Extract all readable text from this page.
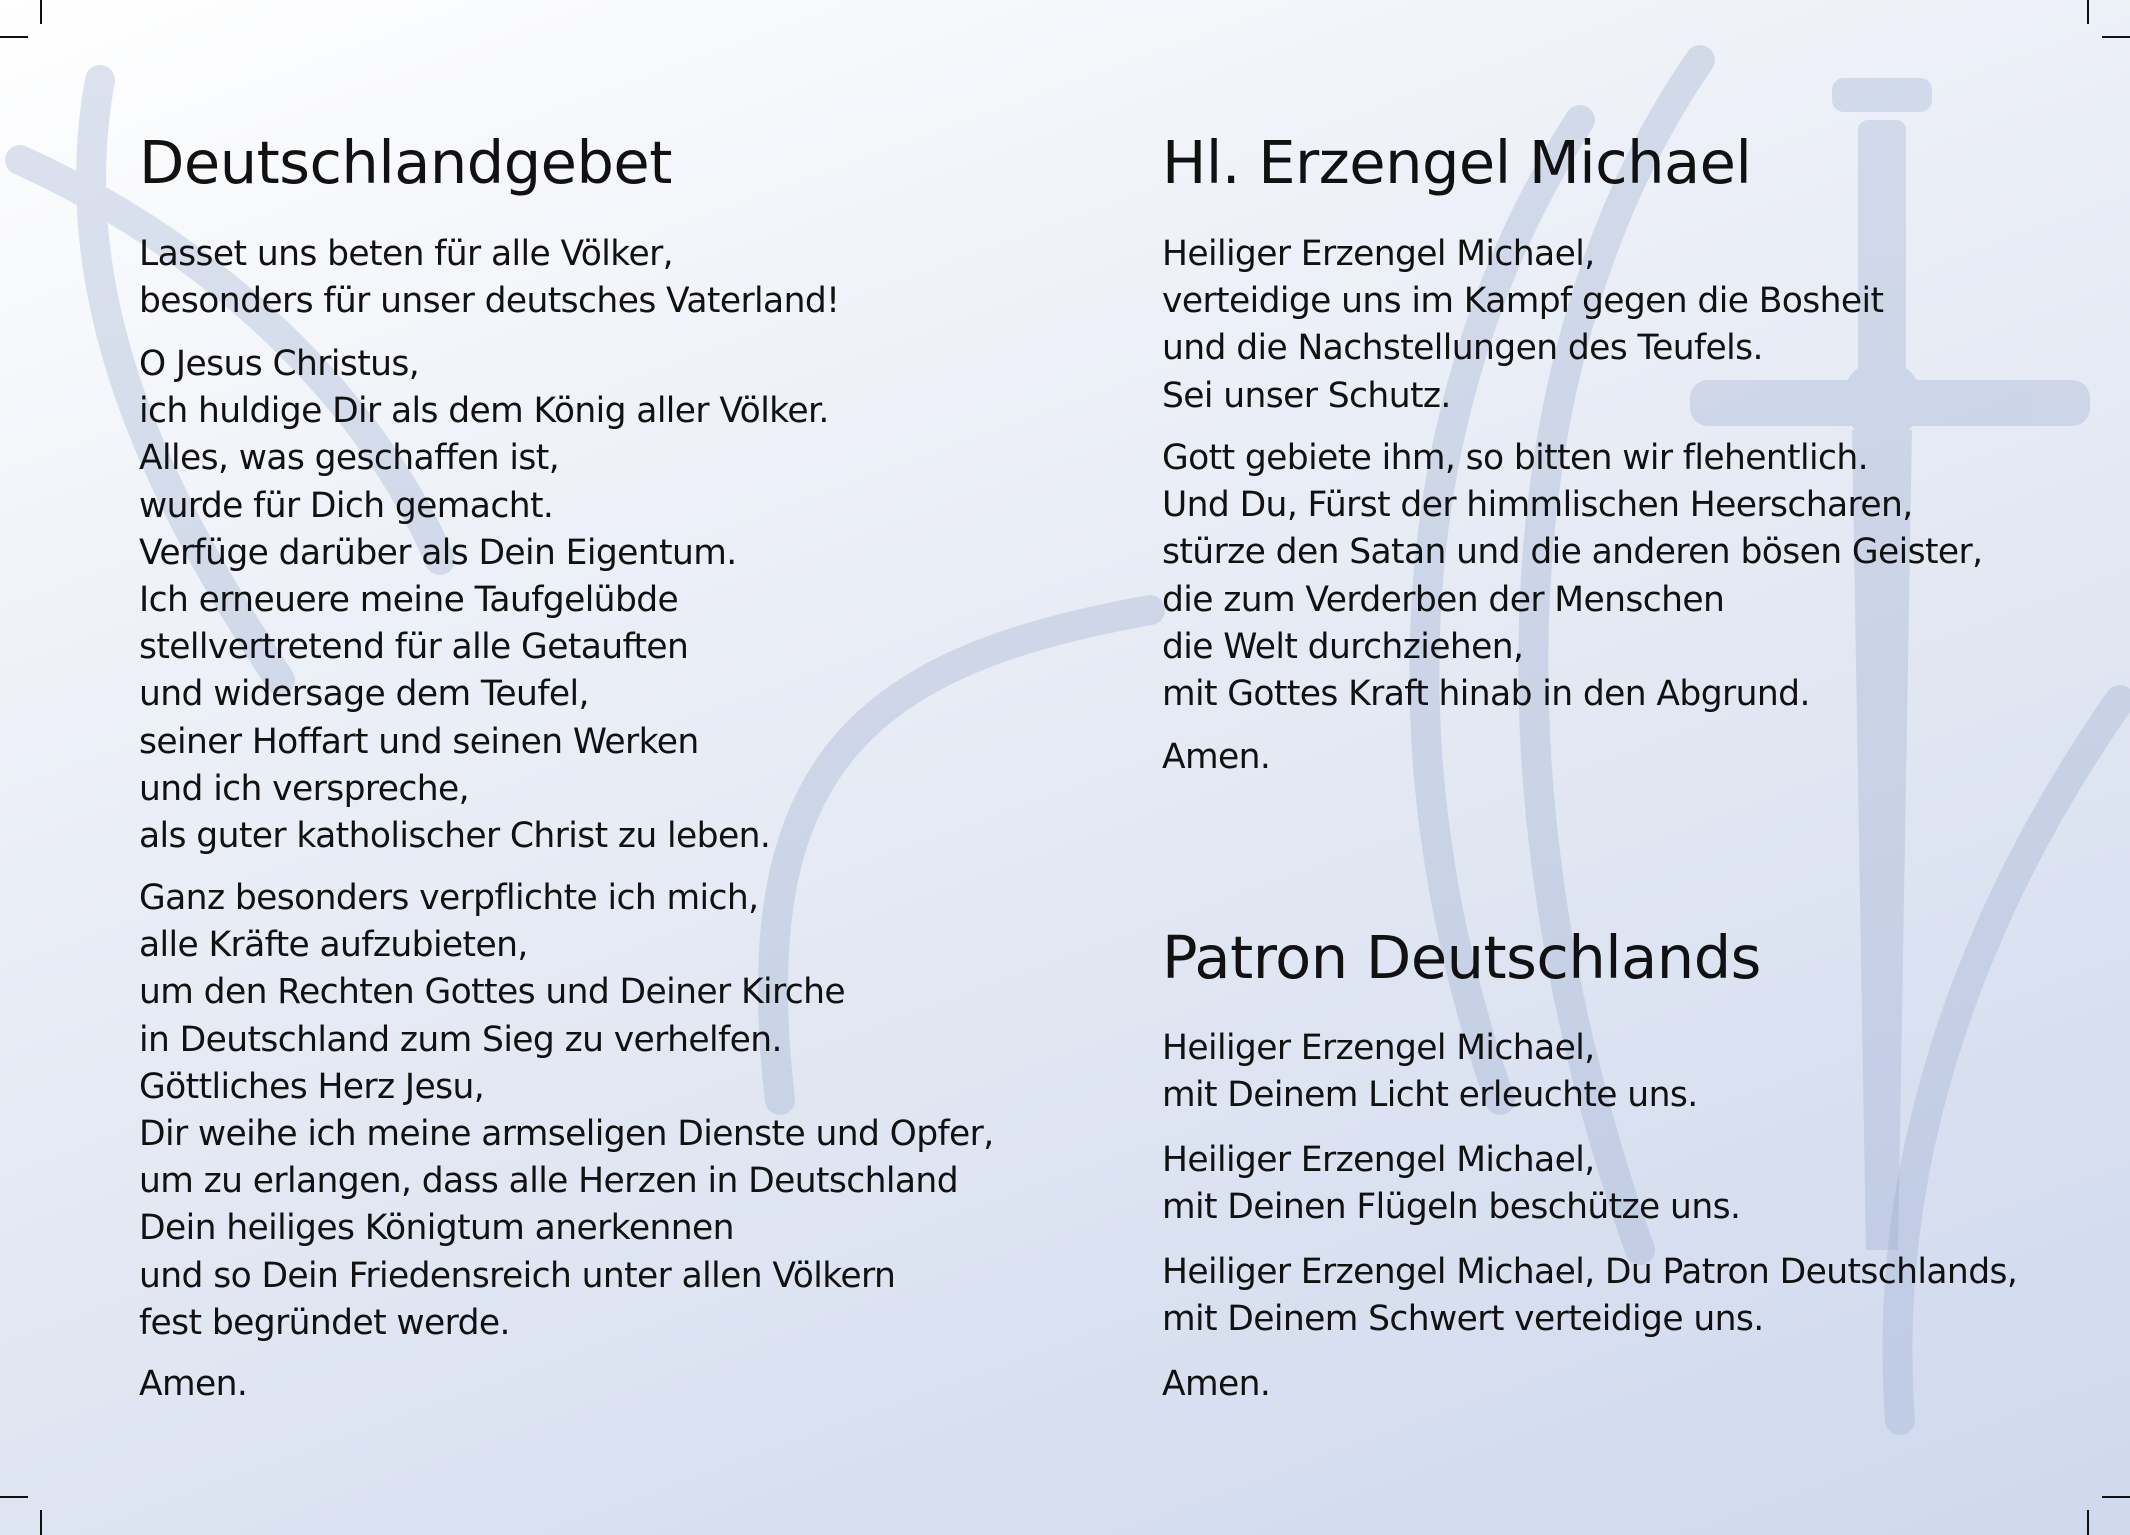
Deutschlandgebet

Lasset uns beten für alle Völker,
besonders für unser deutsches Vaterland!

O Jesus Christus,
ich huldige Dir als dem König aller Völker.
Alles, was geschaffen ist,
wurde für Dich gemacht.
Verfüge darüber als Dein Eigentum.
Ich erneuere meine Taufgelübde
stellvertretend für alle Getauften
und widersage dem Teufel,
seiner Hoffart und seinen Werken
und ich verspreche,
als guter katholischer Christ zu leben.

Ganz besonders verpflichte ich mich,
alle Kräfte aufzubieten,
um den Rechten Gottes und Deiner Kirche
in Deutschland zum Sieg zu verhelfen.
Göttliches Herz Jesu,
Dir weihe ich meine armseligen Dienste und Opfer,
um zu erlangen, dass alle Herzen in Deutschland
Dein heiliges Königtum anerkennen
und so Dein Friedensreich unter allen Völkern
fest begründet werde.

Amen.

Hl. Erzengel Michael

Heiliger Erzengel Michael,
verteidige uns im Kampf gegen die Bosheit
und die Nachstellungen des Teufels.
Sei unser Schutz.

Gott gebiete ihm, so bitten wir flehentlich.
Und Du, Fürst der himmlischen Heerscharen,
stürze den Satan und die anderen bösen Geister,
die zum Verderben der Menschen
die Welt durchziehen,
mit Gottes Kraft hinab in den Abgrund.

Amen.

Patron Deutschlands

Heiliger Erzengel Michael,
mit Deinem Licht erleuchte uns.

Heiliger Erzengel Michael,
mit Deinen Flügeln beschütze uns.

Heiliger Erzengel Michael, Du Patron Deutschlands,
mit Deinem Schwert verteidige uns.

Amen.
